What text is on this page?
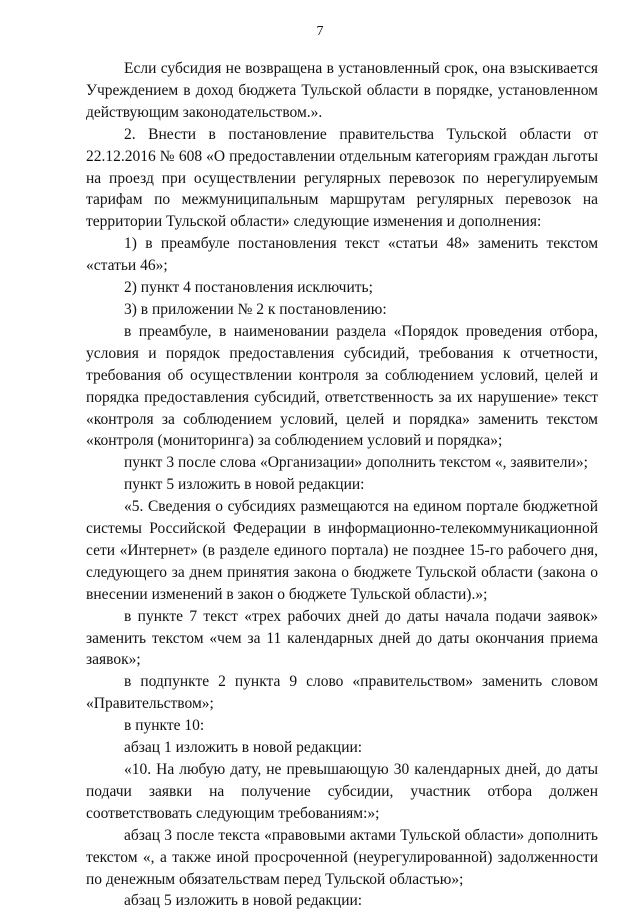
7

Если субсидия не возвращена в установленный срок, она взыскивается Учреждением в доход бюджета Тульской области в порядке, установленном действующим законодательством.».

2. Внести в постановление правительства Тульской области от 22.12.2016 № 608 «О предоставлении отдельным категориям граждан льготы на проезд при осуществлении регулярных перевозок по нерегулируемым тарифам по межмуниципальным маршрутам регулярных перевозок на территории Тульской области» следующие изменения и дополнения:

1) в преамбуле постановления текст «статьи 48» заменить текстом «статьи 46»;

2) пункт 4 постановления исключить;

3) в приложении № 2 к постановлению:

в преамбуле, в наименовании раздела «Порядок проведения отбора, условия и порядок предоставления субсидий, требования к отчетности, требования об осуществлении контроля за соблюдением условий, целей и порядка предоставления субсидий, ответственность за их нарушение» текст «контроля за соблюдением условий, целей и порядка» заменить текстом «контроля (мониторинга) за соблюдением условий и порядка»;

пункт 3 после слова «Организации» дополнить текстом «, заявители»;

пункт 5 изложить в новой редакции:

«5. Сведения о субсидиях размещаются на едином портале бюджетной системы Российской Федерации в информационно-телекоммуникационной сети «Интернет» (в разделе единого портала) не позднее 15-го рабочего дня, следующего за днем принятия закона о бюджете Тульской области (закона о внесении изменений в закон о бюджете Тульской области).»;

в пункте 7 текст «трех рабочих дней до даты начала подачи заявок» заменить текстом «чем за 11 календарных дней до даты окончания приема заявок»;

в подпункте 2 пункта 9 слово «правительством» заменить словом «Правительством»;

в пункте 10:

абзац 1 изложить в новой редакции:

«10. На любую дату, не превышающую 30 календарных дней, до даты подачи заявки на получение субсидии, участник отбора должен соответствовать следующим требованиям:»;

абзац 3 после текста «правовыми актами Тульской области» дополнить текстом «, а также иной просроченной (неурегулированной) задолженности по денежным обязательствам перед Тульской областью»;

абзац 5 изложить в новой редакции:
